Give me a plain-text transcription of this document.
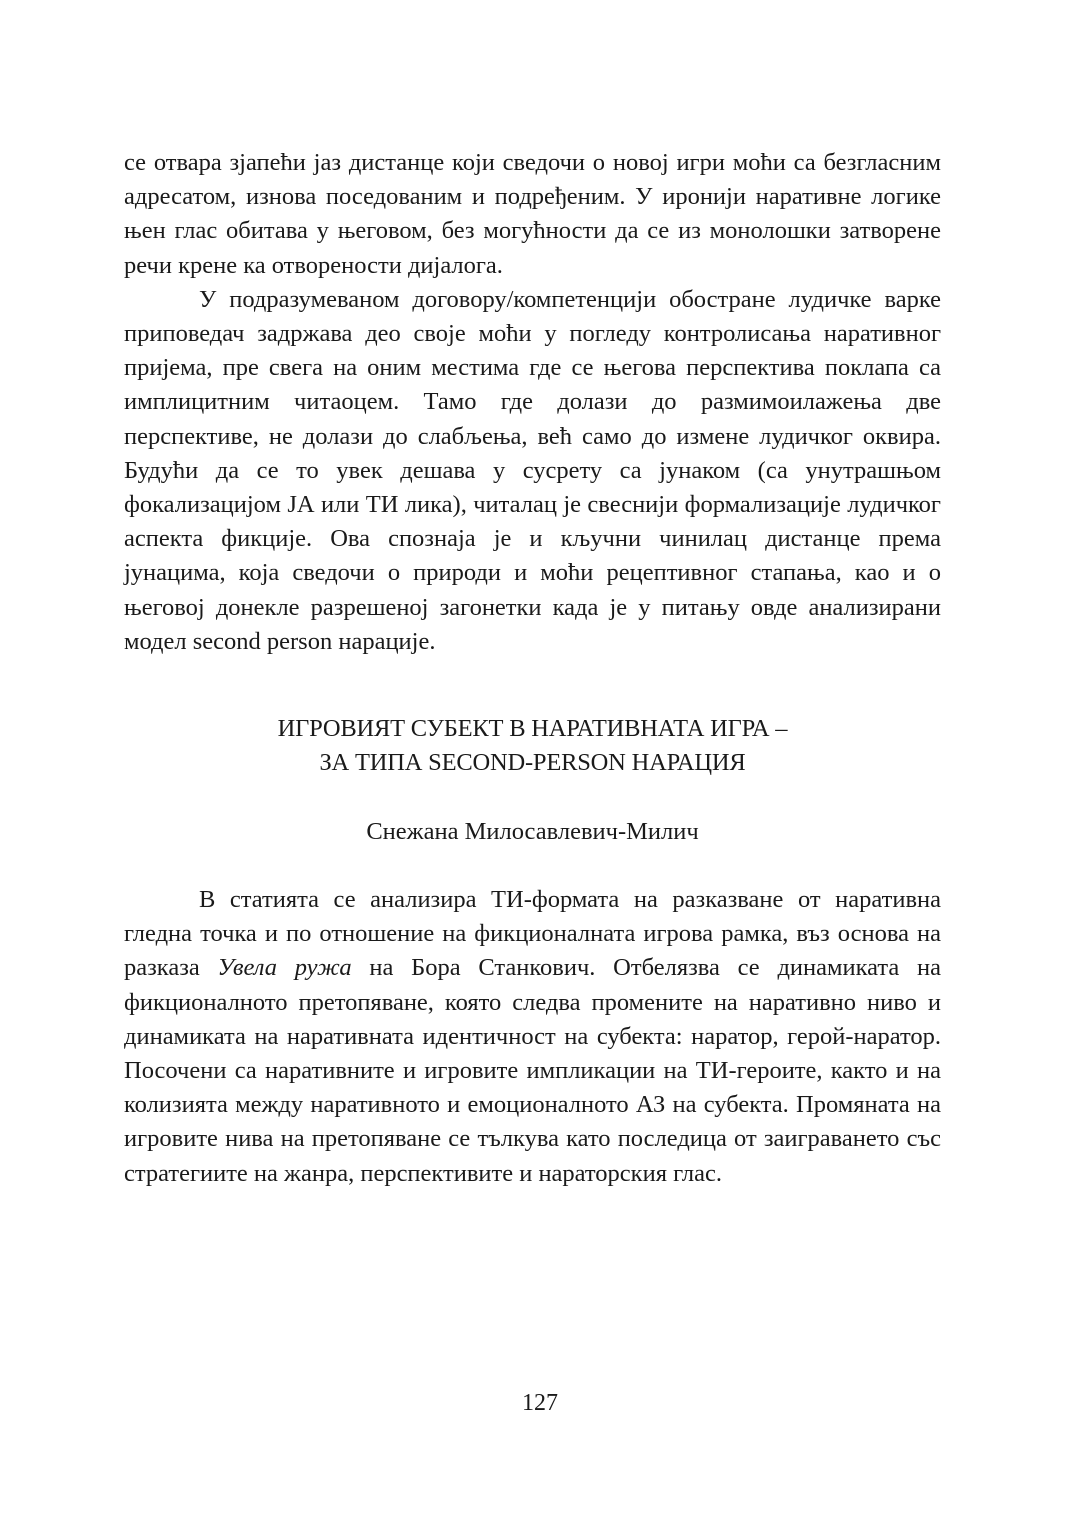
се отвара зјапећи јаз дистанце који сведочи о новој игри моћи са безгласним адресатом, изнова поседованим и подређеним. У иронији наративне логике њен глас обитава у његовом, без могућности да се из монолошки затворене речи крене ка отворености дијалога.

У подразумеваном договору/компетенцији обостране лудичке варке приповедач задржава део своје моћи у погледу контролисања наративног пријема, пре свега на оним местима где се његова перспектива поклапа са имплицитним читаоцем. Тамо где долази до размимоилажења две перспективе, не долази до слабљења, већ само до измене лудичког оквира. Будући да се то увек дешава у сусрету са јунаком (са унутрашњом фокализацијом ЈА или ТИ лика), читалац је свеснији формализације лудичког аспекта фикције. Ова спознаја је и кључни чинилац дистанце према јунацима, која сведочи о природи и моћи рецептивног стапања, као и о његовој донекле разрешеној загонетки када је у питању овде анализирани модел second person нарације.

ИГРОВИЯТ СУБЕКТ В НАРАТИВНАТА ИГРА –
ЗА ТИПА SECOND-PERSON НАРАЦИЯ
Снежана Милосавлевич-Милич

В статията се анализира ТИ-формата на разказване от наративна гледна точка и по отношение на фикционалната игрова рамка, въз основа на разказа Увела ружа на Бора Станкович. Отбелязва се динамиката на фикционалното претопяване, която следва промените на наративно ниво и динамиката на наративната идентичност на субекта: наратор, герой-наратор. Посочени са наративните и игровите импликации на ТИ-героите, както и на колизията между наративното и емоционалното АЗ на субекта. Промяната на игровите нива на претопяване се тълкува като последица от заиграването със стратегиите на жанра, перспективите и нараторския глас.

127
